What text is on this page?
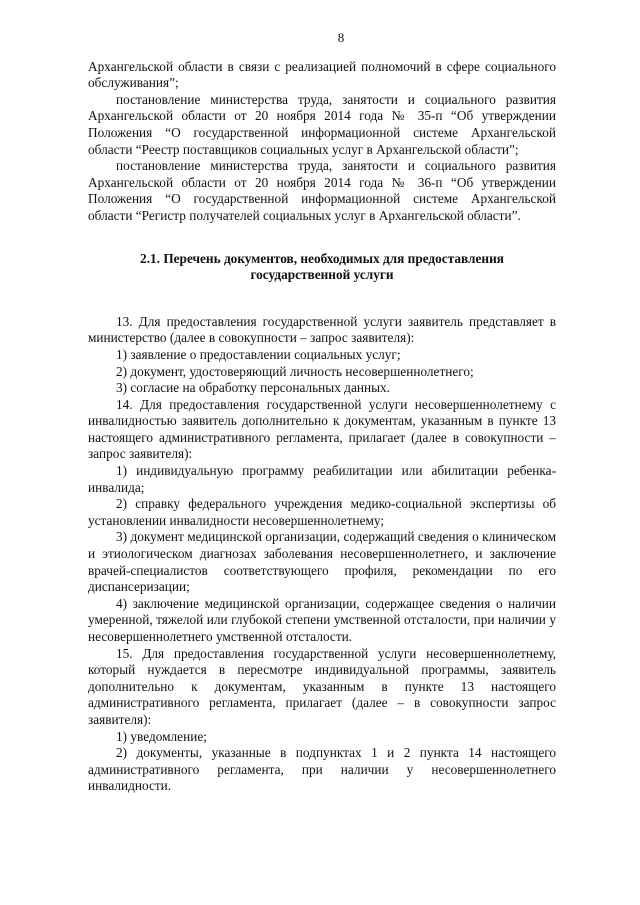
8

Архангельской области в связи с реализацией полномочий в сфере социального обслуживания”;

постановление министерства труда, занятости и социального развития Архангельской области от 20 ноября 2014 года № 35-п “Об утверждении Положения “О государственной информационной системе Архангельской области “Реестр поставщиков социальных услуг в Архангельской области”;

постановление министерства труда, занятости и социального развития Архангельской области от 20 ноября 2014 года № 36-п “Об утверждении Положения “О государственной информационной системе Архангельской области “Регистр получателей социальных услуг в Архангельской области”.

2.1. Перечень документов, необходимых для предоставления
государственной услуги

13. Для предоставления государственной услуги заявитель представляет в министерство (далее в совокупности – запрос заявителя):

1) заявление о предоставлении социальных услуг;

2) документ, удостоверяющий личность несовершеннолетнего;

3) согласие на обработку персональных данных.

14. Для предоставления государственной услуги несовершеннолетнему с инвалидностью заявитель дополнительно к документам, указанным в пункте 13 настоящего административного регламента, прилагает (далее в совокупности – запрос заявителя):

1) индивидуальную программу реабилитации или абилитации ребенка-инвалида;

2) справку федерального учреждения медико-социальной экспертизы об установлении инвалидности несовершеннолетнему;

3) документ медицинской организации, содержащий сведения о клиническом и этиологическом диагнозах заболевания несовершеннолетнего, и заключение врачей-специалистов соответствующего профиля, рекомендации по его диспансеризации;

4) заключение медицинской организации, содержащее сведения о наличии умеренной, тяжелой или глубокой степени умственной отсталости, при наличии у несовершеннолетнего умственной отсталости.

15. Для предоставления государственной услуги несовершеннолетнему, который нуждается в пересмотре индивидуальной программы, заявитель дополнительно к документам, указанным в пункте 13 настоящего административного регламента, прилагает (далее – в совокупности запрос заявителя):

1) уведомление;

2) документы, указанные в подпунктах 1 и 2 пункта 14 настоящего административного регламента, при наличии у несовершеннолетнего инвалидности.
